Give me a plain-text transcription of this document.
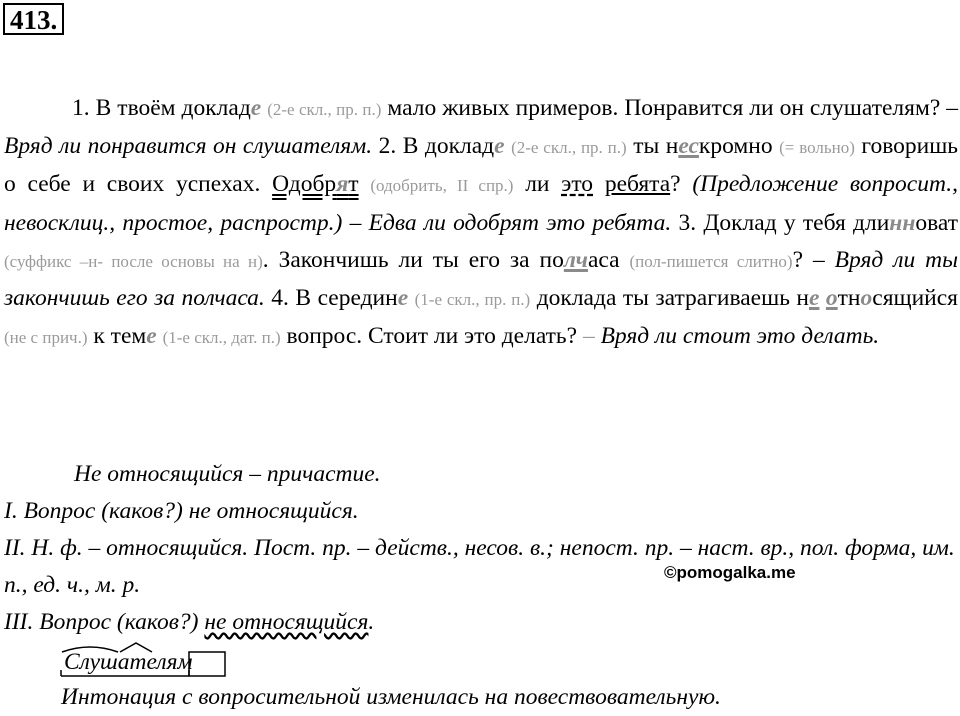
413.

1. В твоём докладе (2-е скл., пр. п.) мало живых примеров. Понравится ли он слушателям? – Вряд ли понравится он слушателям. 2. В докладе (2-е скл., пр. п.) ты нескромно (= вольно) говоришь о себе и своих успехах. Одобрят (одобрить, II спр.) ли это ребята? (Предложение вопросит., невосклиц., простое, распростр.) – Едва ли одобрят это ребята. 3. Доклад у тебя длинноват (суффикс –н- после основы на н). Закончишь ли ты его за полчаса (пол-пишется слитно)? – Вряд ли ты закончишь его за полчаса. 4. В середине (1-е скл., пр. п.) доклада ты затрагиваешь не относящийся (не с прич.) к теме (1-е скл., дат. п.) вопрос. Стоит ли это делать? – Вряд ли стоит это делать.

Не относящийся – причастие.

I. Вопрос (каков?) не относящийся.

II. Н. ф. – относящийся. Пост. пр. – действ., несов. в.; непост. пр. – наст. вр., пол. форма, им. п., ед. ч., м. р.

III. Вопрос (каков?) не относящийся.

©pomogalka.me
Слушателям
Интонация с вопросительной изменилась на повествовательную.
